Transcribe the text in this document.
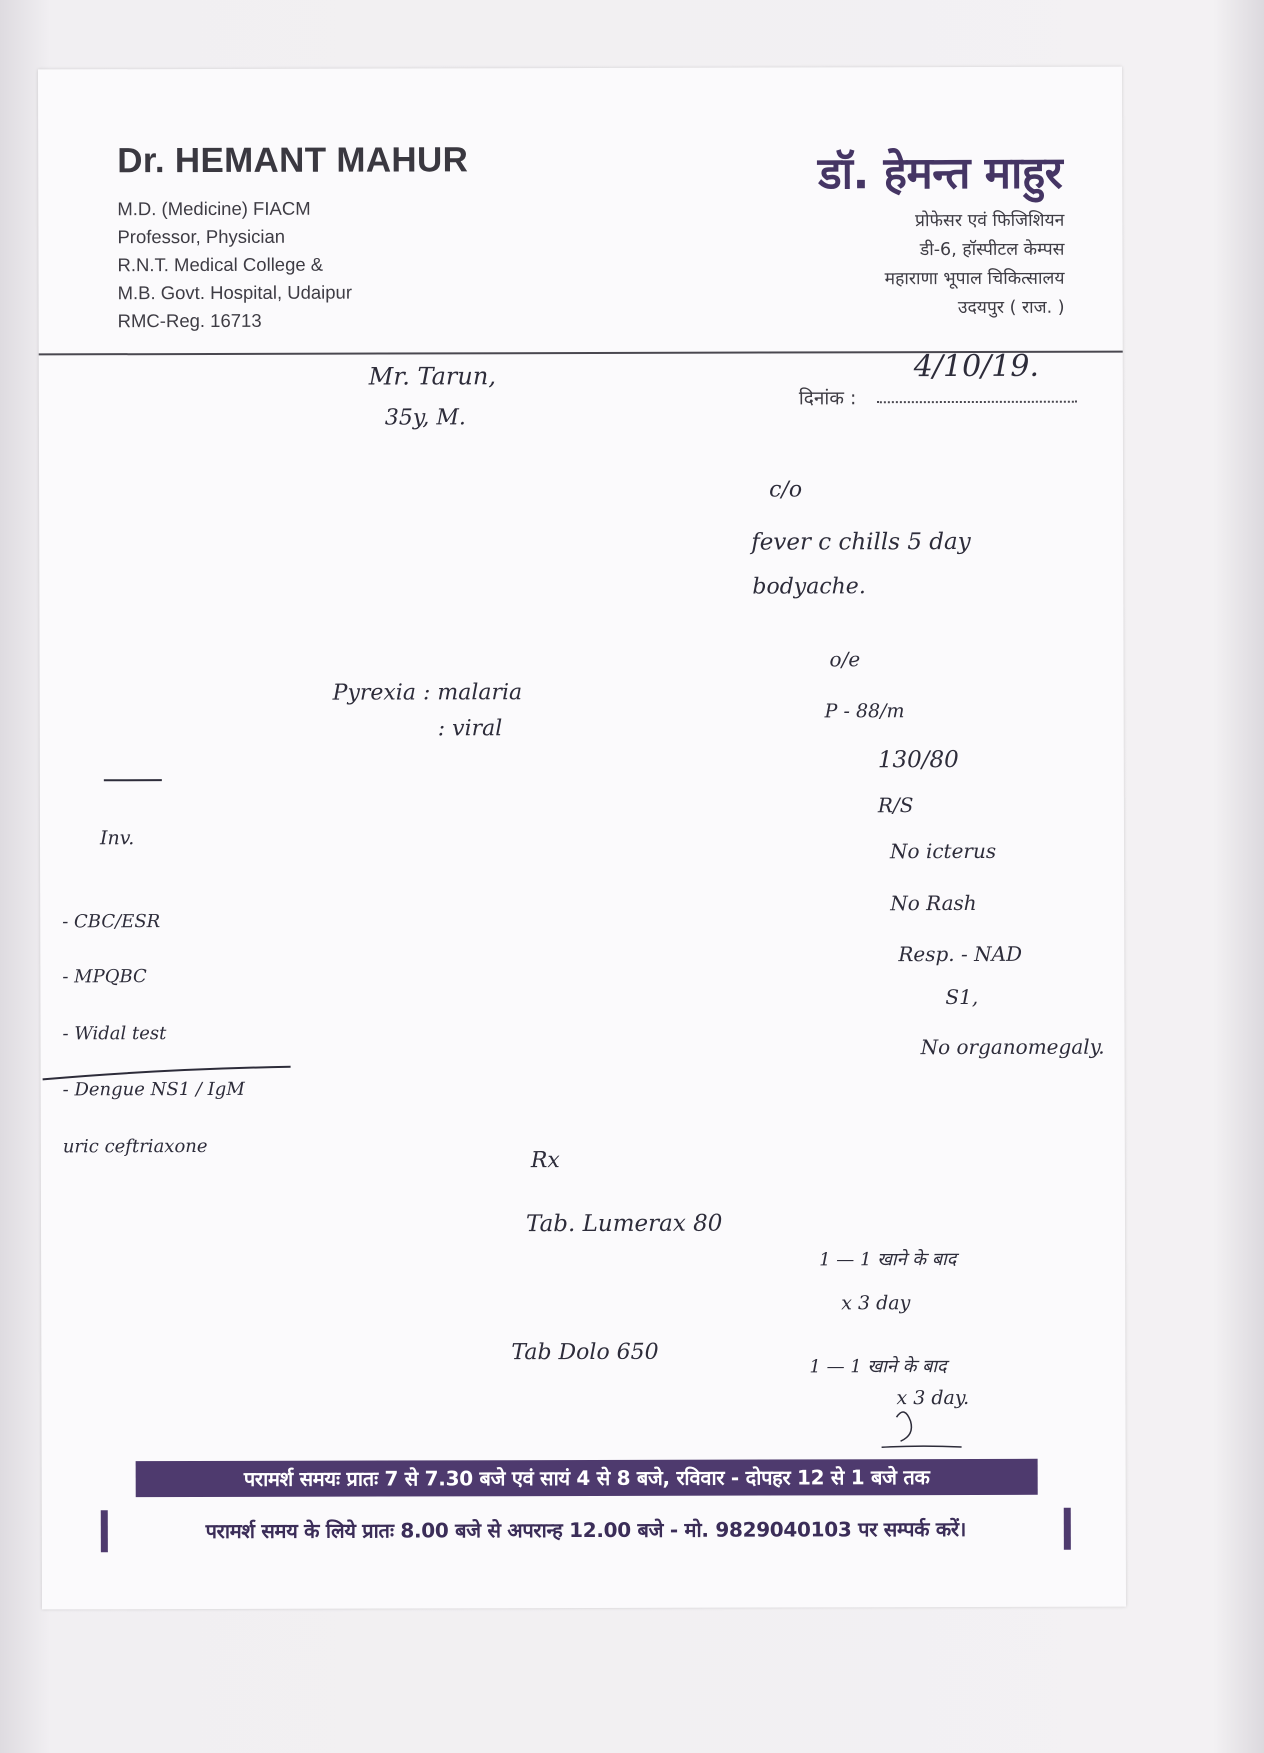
Dr. HEMANT MAHUR
M.D. (Medicine) FIACM
Professor, Physician
R.N.T. Medical College &
M.B. Govt. Hospital, Udaipur
RMC-Reg. 16713
डॉ. हेमन्त माहुर
प्रोफेसर एवं फिजिशियन
डी-6, हॉस्पीटल केम्पस
महाराणा भूपाल चिकित्सालय
उदयपुर ( राज. )
दिनांक :
4/10/19.
Mr. Tarun,
35y, M.
c/o
fever c chills 5 day
bodyache.
o/e
P - 88/m
130/80
R/S
No icterus
No Rash
Resp. - NAD
S1,
No organomegaly.
Pyrexia : malaria
: viral
Inv.
- CBC/ESR
- MPQBC
- Widal test
- Dengue NS1 / IgM
uric ceftriaxone
Rx
Tab. Lumerax 80
1 — 1 खाने के बाद
x 3 day
Tab Dolo 650
1 — 1 खाने के बाद
x 3 day.
परामर्श समयः प्रातः 7 से 7.30 बजे एवं सायं 4 से 8 बजे, रविवार - दोपहर 12 से 1 बजे तक
परामर्श समय के लिये प्रातः 8.00 बजे से अपरान्ह 12.00 बजे - मो. 9829040103 पर सम्पर्क करें।
